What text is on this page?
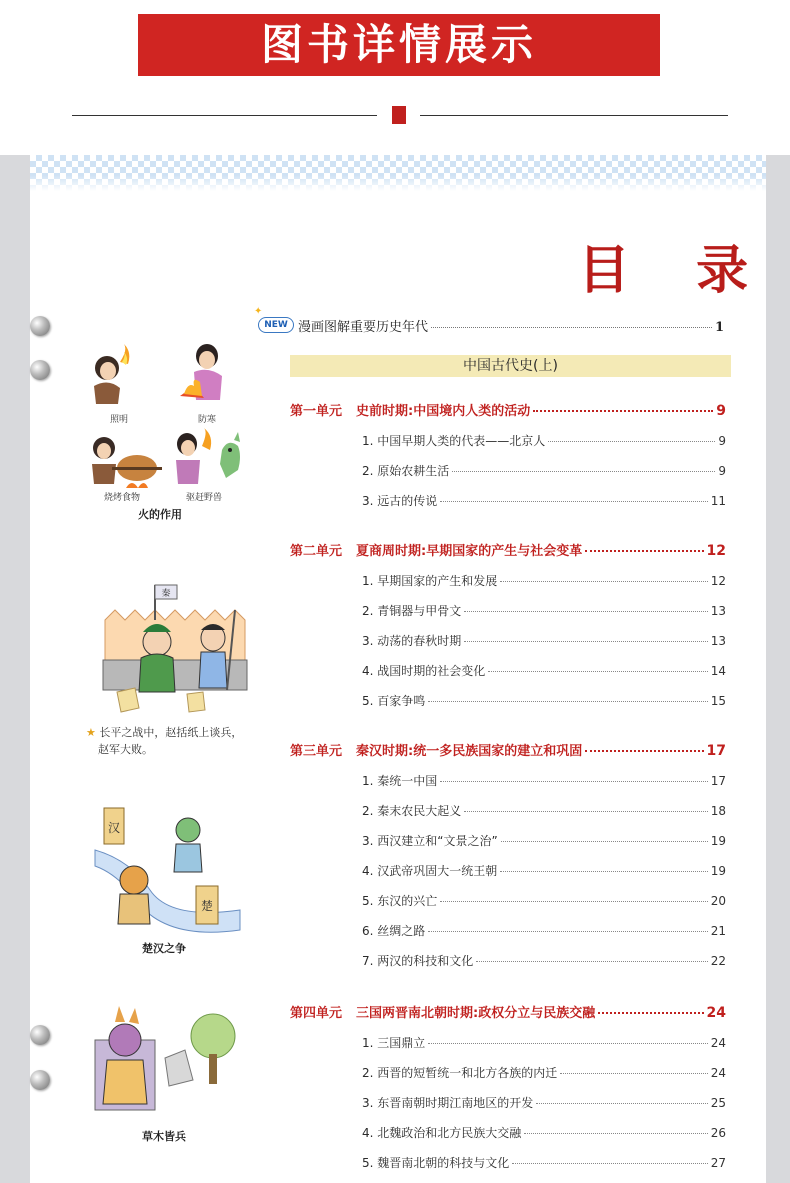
图书详情展示
目 录
✦
NEW 漫画图解重要历史年代	1
中国古代史(上)
第一单元 史前时期:中国境内人类的活动	9
1. 中国早期人类的代表——北京人	9
2. 原始农耕生活	9
3. 远古的传说	11
第二单元 夏商周时期:早期国家的产生与社会变革	12
1. 早期国家的产生和发展	12
2. 青铜器与甲骨文	13
3. 动荡的春秋时期	13
4. 战国时期的社会变化	14
5. 百家争鸣	15
第三单元 秦汉时期:统一多民族国家的建立和巩固	17
1. 秦统一中国	17
2. 秦末农民大起义	18
3. 西汉建立和“文景之治”	19
4. 汉武帝巩固大一统王朝	19
5. 东汉的兴亡	20
6. 丝绸之路	21
7. 两汉的科技和文化	22
第四单元 三国两晋南北朝时期:政权分立与民族交融	24
1. 三国鼎立	24
2. 西晋的短暂统一和北方各族的内迁	24
3. 东晋南朝时期江南地区的开发	25
4. 北魏政治和北方民族大交融	26
5. 魏晋南北朝的科技与文化	27
照明	防寒
烧烤食物	驱赶野兽
火的作用
秦
★ 长平之战中，赵括纸上谈兵，
赵军大败。
汉
楚
楚汉之争
草木皆兵
